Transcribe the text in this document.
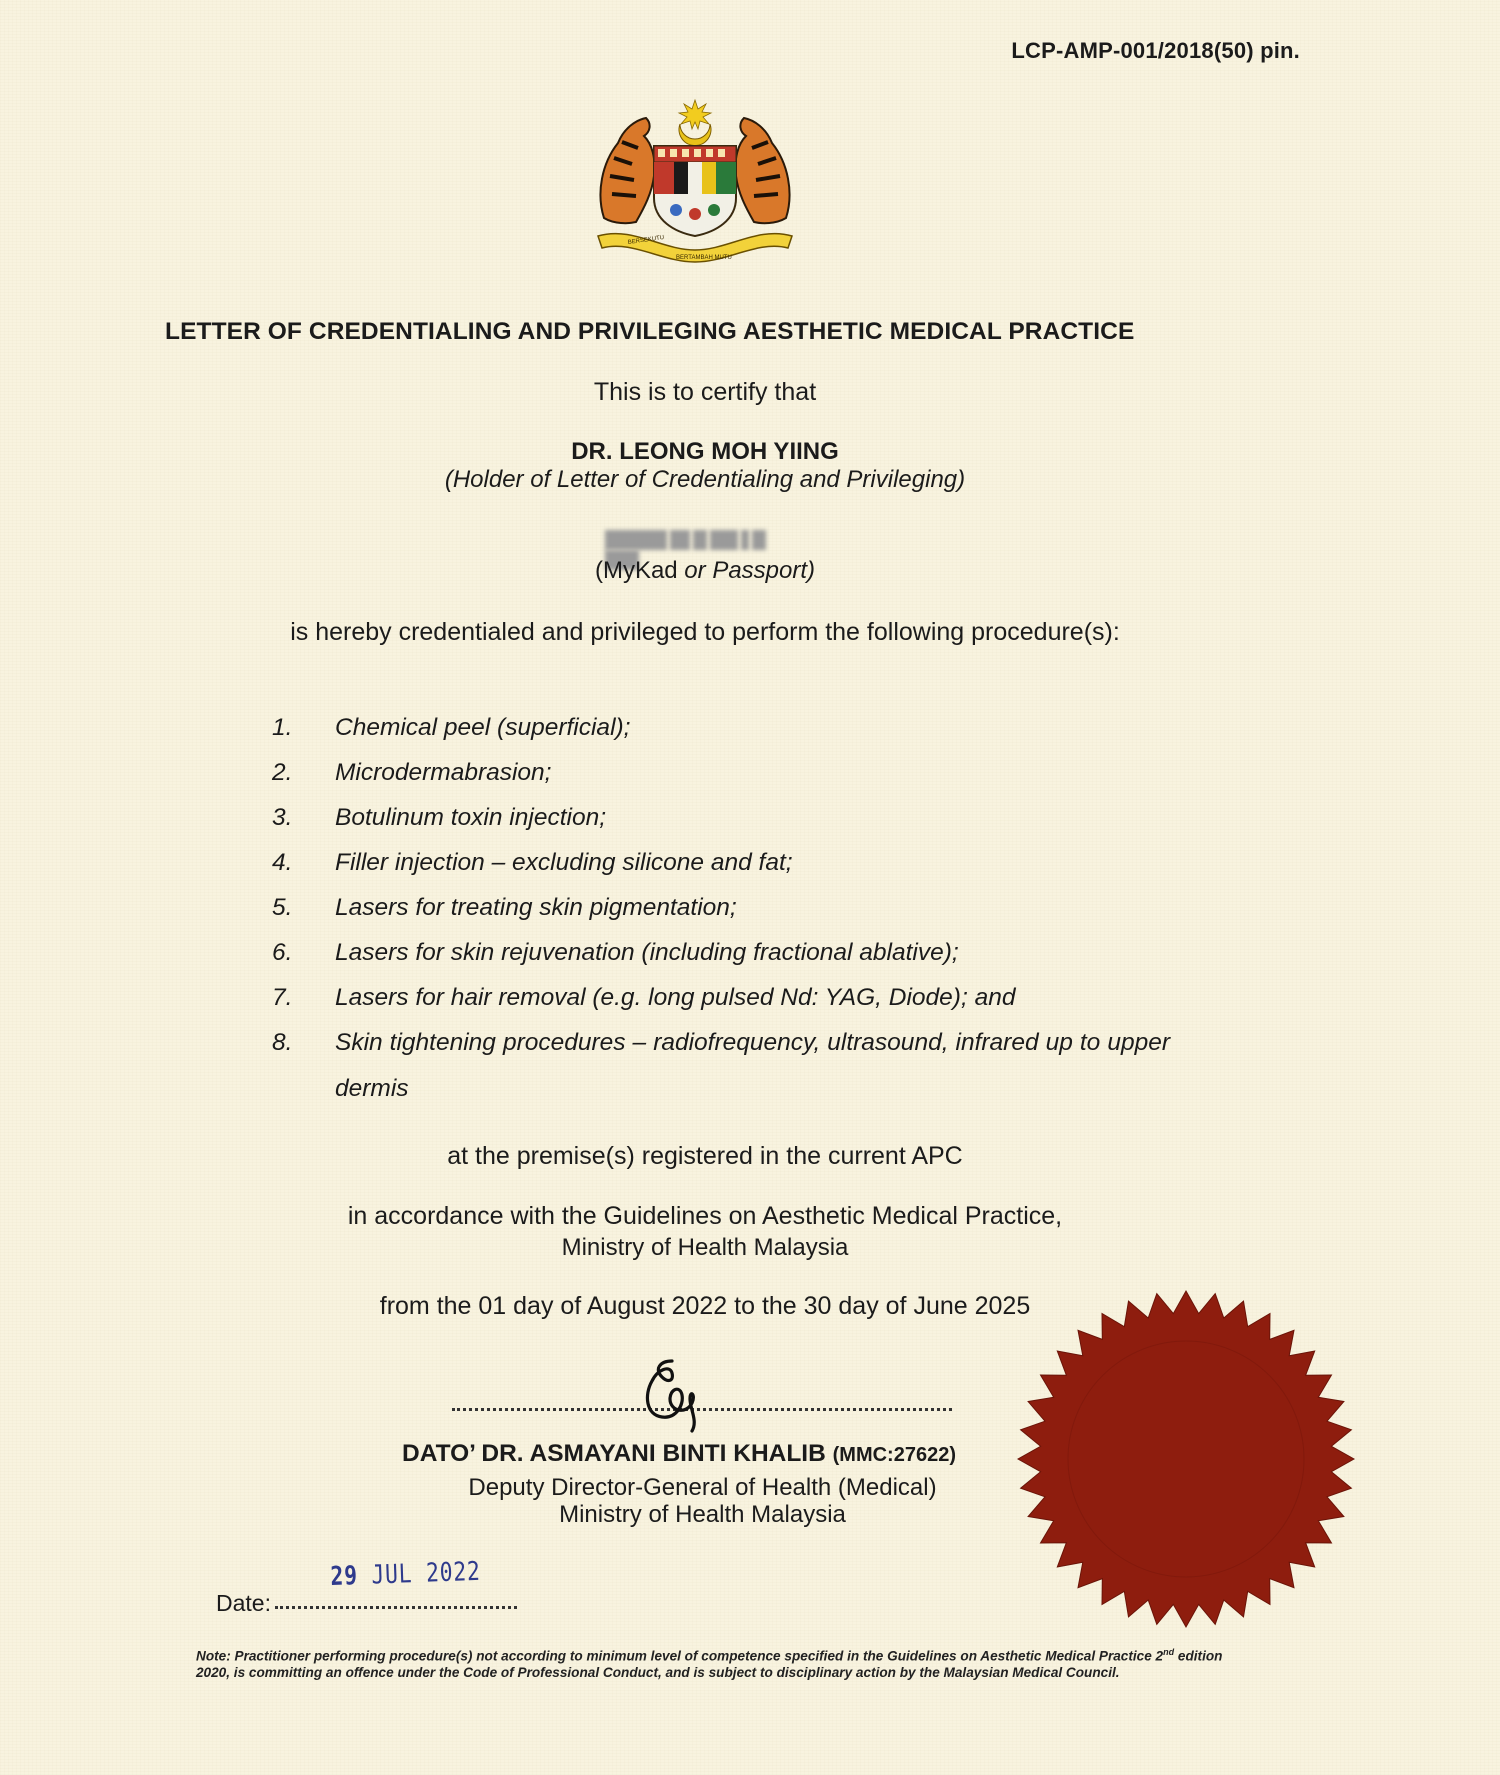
LCP-AMP-001/2018(50) pin.
BERSEKUTU
BERTAMBAH MUTU
LETTER OF CREDENTIALING AND PRIVILEGING AESTHETIC MEDICAL PRACTICE
This is to certify that
DR. LEONG MOH YIING
(Holder of Letter of Credentialing and Privileging)
(MyKad or Passport)
is hereby credentialed and privileged to perform the following procedure(s):
1. Chemical peel (superficial);
2. Microdermabrasion;
3. Botulinum toxin injection;
4. Filler injection – excluding silicone and fat;
5. Lasers for treating skin pigmentation;
6. Lasers for skin rejuvenation (including fractional ablative);
7. Lasers for hair removal (e.g. long pulsed Nd: YAG, Diode); and
8. Skin tightening procedures – radiofrequency, ultrasound, infrared up to upper dermis
at the premise(s) registered in the current APC
in accordance with the Guidelines on Aesthetic Medical Practice,
Ministry of Health Malaysia
from the 01 day of August 2022 to the 30 day of June 2025
DATO’ DR. ASMAYANI BINTI KHALIB (MMC:27622)
Deputy Director-General of Health (Medical)
Ministry of Health Malaysia
Date:
29 JUL 2022
Note: Practitioner performing procedure(s) not according to minimum level of competence specified in the Guidelines on Aesthetic Medical Practice 2nd edition 2020, is committing an offence under the Code of Professional Conduct, and is subject to disciplinary action by the Malaysian Medical Council.
